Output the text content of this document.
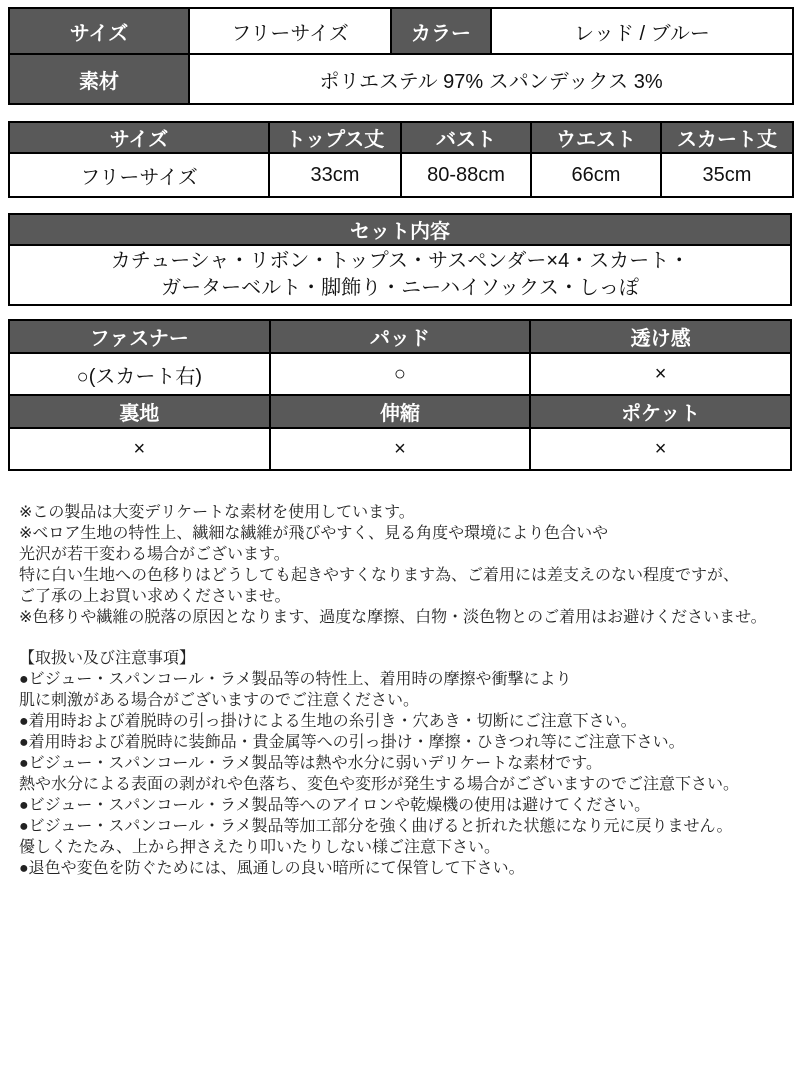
サイズ	フリーサイズ	カラー	レッド / ブルー
素材	ポリエステル 97% スパンデックス 3%		
サイズ	トップス丈	バスト	ウエスト	スカート丈
フリーサイズ	33cm	80-88cm	66cm	35cm
セット内容

カチューシャ・リボン・トップス・サスペンダー×4・スカート・
ガーターベルト・脚飾り・ニーハイソックス・しっぽ
ファスナー	パッド	透け感
○(スカート右)	○	×
裏地	伸縮	ポケット
×	×	×
※この製品は大変デリケートな素材を使用しています。
※ベロア生地の特性上、繊細な繊維が飛びやすく、見る角度や環境により色合いや
光沢が若干変わる場合がございます。
特に白い生地への色移りはどうしても起きやすくなります為、ご着用には差支えのない程度ですが、
ご了承の上お買い求めくださいませ。
※色移りや繊維の脱落の原因となります、過度な摩擦、白物・淡色物とのご着用はお避けくださいませ。
【取扱い及び注意事項】
●ビジュー・スパンコール・ラメ製品等の特性上、着用時の摩擦や衝撃により
肌に刺激がある場合がございますのでご注意ください。
●着用時および着脱時の引っ掛けによる生地の糸引き・穴あき・切断にご注意下さい。
●着用時および着脱時に装飾品・貴金属等への引っ掛け・摩擦・ひきつれ等にご注意下さい。
●ビジュー・スパンコール・ラメ製品等は熱や水分に弱いデリケートな素材です。
熱や水分による表面の剥がれや色落ち、変色や変形が発生する場合がございますのでご注意下さい。
●ビジュー・スパンコール・ラメ製品等へのアイロンや乾燥機の使用は避けてください。
●ビジュー・スパンコール・ラメ製品等加工部分を強く曲げると折れた状態になり元に戻りません。
優しくたたみ、上から押さえたり叩いたりしない様ご注意下さい。
●退色や変色を防ぐためには、風通しの良い暗所にて保管して下さい。
